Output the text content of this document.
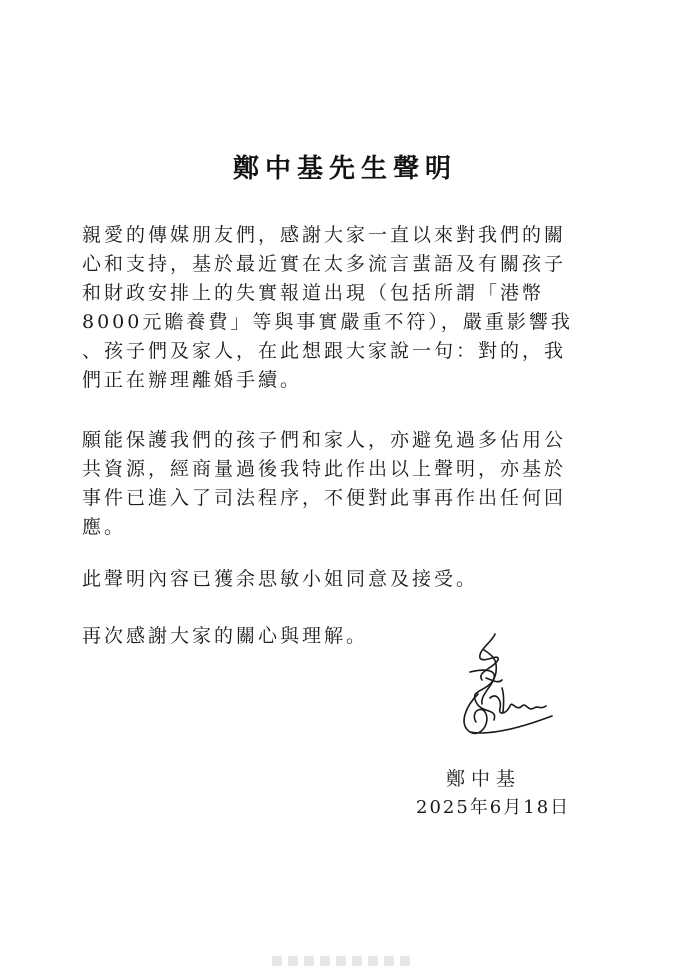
鄭中基先生聲明

親愛的傳媒朋友們，感謝大家一直以來對我們的關
心和支持，基於最近實在太多流言蜚語及有關孩子
和財政安排上的失實報道出現（包括所謂「港幣
8000元贍養費」等與事實嚴重不符），嚴重影響我
、孩子們及家人，在此想跟大家說一句：對的，我
們正在辦理離婚手續。

願能保護我們的孩子們和家人，亦避免過多佔用公
共資源，經商量過後我特此作出以上聲明，亦基於
事件已進入了司法程序，不便對此事再作出任何回
應。

此聲明內容已獲余思敏小姐同意及接受。

再次感謝大家的關心與理解。

鄭中基
2025年6月18日
